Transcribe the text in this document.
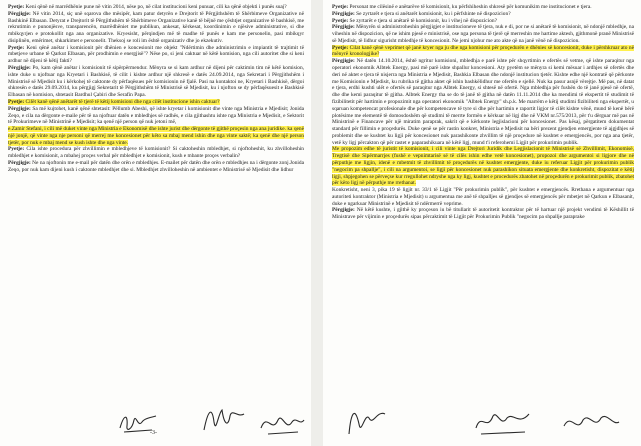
Pyetje: Keni qënë në marrëdhënie pune në vitin 2014, nëse po, në cilat institucioni keni punuar, cili ka qënë objekti i punës suaj?

Përgjigje: Në vitin 2014, siç unë sqarova dhe mësipër, kam patur detyrën e Drejtorit të Përgjithshëm të Shërbimeve Organizative në Bashkinë Elbasan. Detyrat e Drejtorit të Përgjithshëm të Shërbimeve Organizative kanë të bëjnë me çështjet organizative të bashkisë, me rekrutimin e punonjësve, transparencën, marrëdhëniet me publikun, ankesat, kërkesat, koordinimin e njësive administrative, si dhe mbikqyrjen e protokollit nga ana organizative. Kryesisht, përqindjen më të madhe të punës e kam me personelin, pasi mbikqyr disiplinën, emërimet, shkarkimet e personelit. Theksoj se roli im është organizativ dhe jo ekzekutiv.

Pyetje: Keni qënë anëtar i komisionit për dhënien e koncesionit me objekt "Ndërtimin dhe administrimin e impiantit të trajtimit të mbetjeve urbane të Qarkut Elbasan, për prodhimin e energjisë"? Nëse po, si jeni caktuar në këtë komision, nga cili autoritet dhe si keni ardhur në dijeni të këtij fakti?

Përgjigje: Po, kam qënë anëtar i komisionit të sipërpërmendur. Mënyra se si kam ardhur në dijeni për caktimin tim në këtë komision, ishte duke u njoftuar nga Kryetari i Bashkisë, të cilit i kishte ardhur një shkresë e datës 24.09.2014, nga Sekretari i Përgjithshëm i Ministrisë së Mjedisit ku i kërkohej të caktonte dy përfaqësues për komisionin në fjalë. Pasi na kontaktoi ne, Kryetari i Bashkisë, dërgoi shkresën e datës 29.09.2014, ku përgjigj Sekretarit të Përgjithshëm të Ministrisë së Mjedisit, ku i njofton se dy përfaqësuesit e Bashkisë Elbasan në komision, shtetasit Bardhul Çabiri dhe Serafin Papa.

Pyetje: Cilët kanë qënë anëtarët të tjerë të këtij komisioni dhe nga cilët institucione ishin caktuar?

Përgjigje: Sa më kujtohet, kanë qënë shtetasit: Pëllumb Abeshi, që ishte kryetar i komisionit dhe vinte nga Ministria e Mjedisit; Jonida Zeqo, e cila na dërgonte e-maile për të na njoftuar datën e mbledhjes së radhës, e cila gjithashtu ishte nga Ministria e Mjedisit, e Sektorit të Prokurimeve në Ministrinë e Mjedisit; ka qenë një person që nuk jetoni më,

e.Zamir Stefani, i cili më duket vinte nga Ministria e Ekonomisë dhe ishte jurist dhe dërgonte të gjithë proçesin nga ana juridike. ka qenë një jonjë, që vinte nga nje personi që merrej me koncesionet për këto sa mbaj mend ishin dhe nga vinte saktë; ka qenë dhe një person tjetër, por nuk e mbaj mend se kush ishte dhe nga vinte.

Pyetje: Cila ishte procedura për zhvillimin e mbledhjeve të komisionit? Si caktoheshin mbledhjet, si njoftoheshit, ku zhvilloheshin mbledhjet e komisionit, a mbahej proçes verbal për mbledhjet e komisionit, kush e mbante proçes verbalin?

Përgjigje: Ne na njoftonin me e-mail për datën dhe orën e mbledhjes. E-mailet për datën dhe orën e mbledhjes na i dërgonte zonj.Jonida Zeqo, por nuk kam dijeni kush i caktonte mbledhjet dhe si. Mbledhjet zhvilloheshin në ambientet e Ministrisë së Mjedisit dhe lidhur

-3-

Pyetje: Personat me cilësinë e anëtarëve të komisionit, ku përfshiheshin shkresë për komunikim me institucionet e tjera.

Përgjigje: Se zyrtarët e tjera si anëtarët komisionit, ku i përfshinte në dispozicion?

Pyetje: Se zyrtarët e tjera si anëtarë të komisionit, ku i vihej në dispozicion?

Përgjigje: Mënyrën si administroheshin përgjigjet e institucioneve të tjera, nuk e di, por ne si anëtarë të komisionit, në ndonjë mbledhje, na viheshin në dispozicion, që ne ishim pjesë e ministrisë, ose nga persona të tjerë që merreshin me hartime aktesh, gjithmonë pranë Ministrisë së Mjedisit, të lidhur sigurisht mbledhje të koncesionit. Ne jemi njohur me ato akte që na janë vënë në dispozicion.

Pyetje: Cilat kanë qënë veprimet që janë kryer nga ju dhe nga komisioni për proçedurën e dhënies së koncesionit, duke i përshkruar ato në mënyrë kronologjike?

Përgjigje: Në datën 14.10.2014, është ngritur komisioni, mbledhja e parë ishte për shqyrtimin e ofertës së vetme, që ishte paraqitur nga operatori ekonomik Albtek Energy, pasi më parë ishte shpallur koncesioni. Aty pyetëm se mënyra si kemi mësuar i ardhjes së ofertës dhe deri në aktet e tjera të nisjerra nga Ministria e Mjedisit, Bashkia Elbasan dhe ndonjë institucion tjetër. Kishte edhe një kontratë që përkonte me Komisionin e Mjedisit, ku rubrika të gjitha aktet që ishin bashkëlidhur me ofertën e sjellë. Nuk ka pasur asnjë vërejtje. Më pas, në datat e tjera, erdhi kushti ulët e ofertës së paraqitur nga Albtek Energy, si shtesë në ofertë. Nga mbledhja për fushën do të janë pjesë në ofertë, dhe dhe kemi paraqitur të gjitha. Albtek Energy tha se do të janë të gjitha në datën 11.11.2014 dhe ka mendimi të ekspertit të studimit të fizibilitetit për hartimin e propozimit nga operatori ekonomik "Albtek Energy" sh.p.k. Me marrëm e këtij studimi fizibiliteti nga ekspertët, u sqaruan kompetencat profesionale dhe për kompetencave të tyre si dhe për hartimin e raportit ligjor të cilët kishte vënë, mund të kenë bërë plotësime me elementë të domosdoshëm që studimi të merrte formën e kërkuar në ligj dhe në VKM nr.575/2013, për t'u dërguar më pas në Ministrinë e Financave për një miratim paraprak, sakrit që e kërkonte legjislacioni për koncesionet. Pas kësaj, përgatitem dokumentat standard për fillimin e proçedurës. Duke qenë se për rastin konkret, Ministria e Mjedisit na bëri prezent gjendjen emergjente të ajgjdhjes së problemit dhe se kushtet ku ligji për koncesionet nuk parashikonte zhvillim të një proçedure në kushtet e emergjencës, por nga ana tjetër, vetë ky ligj përcakton që për rastet e paparashikuara në këtë ligj, mund t'i referohemi Ligjit për prokurimin publik.

Me propozim edhe të juristit të komisionit, i cili vinte nga Drejtori Juridik dhe Legjislacionit të Ministrisë së Zhvillimit, Ekonomisë, Tregtisë dhe Sipërmarrjes (fushë e vepnimtarisë së të cilës ishin edhe vetë koncesionet), propozoi dhe argumentoi si ligjore dhe në përputhje me ligjin, idenë e mbetmit të zhvillimit të proçedurës në kushtet emergjente, duke iu referuar Ligjit për prokurimin publik "negocim pa shpallje", i cili na argumentoi, se ligji për koncesionet nuk parashikon situata emergjente dhe konkretisht, dispozitat e këtij ligji, shpjegohen se përveçse kur rregullohet ndryshe nga ky ligj, kushtet e procedurës zbatohet në proçedurën e prokurimit publik, zbatohet për këto ligj në përputhje me rrethanat.

Konkretisht, neni 3, pika 19 të ligjit nr. 33/1 të Ligjit "Për prokurimin publik", për kushtet e emergjencës. Rrethana e argumentuar nga autoriteti kontraktor (Ministria e Mjedisit) u argumentua me anë të shpalljes së gjendjes së emergjencës për mbetjet në Qarkun e Elbasanit, duke e ngarkuar Ministrinë e Mjedisit të ndërmerrë veprime.

Përgjigje: Në këtë kushte, i gjithë ky proçeson iu bë titullarit të autoritetit kontraktor për të hartuar një projekt vendimi të Këshillit të Ministrave për vijimin e proçedurës sipas përcaktimit të Ligjit për Prokurimin Publik "negocim pa shpallje paraprake
